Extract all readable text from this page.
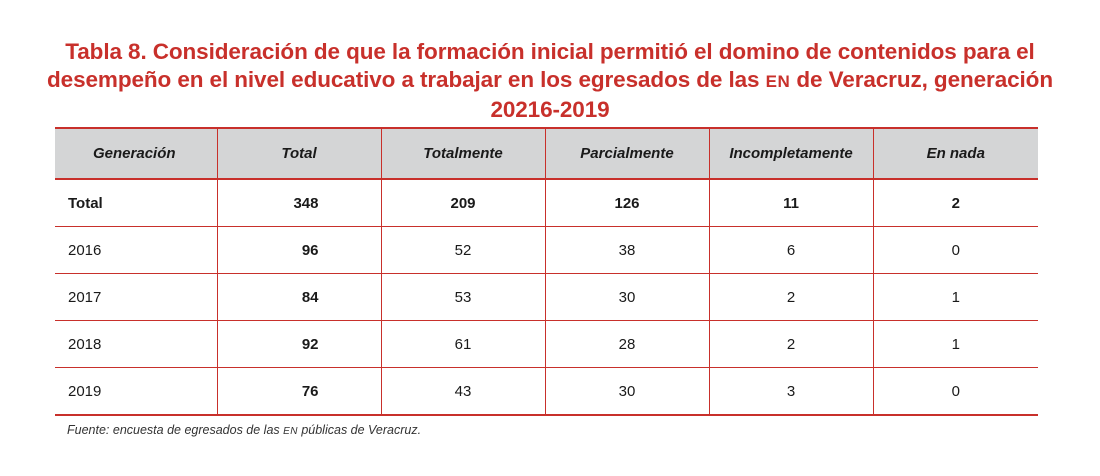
Tabla 8. Consideración de que la formación inicial permitió el domino de contenidos para el desempeño en el nivel educativo a trabajar en los egresados de las EN de Veracruz, generación 20216-2019
Generación	Total	Totalmente	Parcialmente	Incompletamente	En nada
Total	348	209	126	11	2
2016	96	52	38	6	0
2017	84	53	30	2	1
2018	92	61	28	2	1
2019	76	43	30	3	0
Fuente: encuesta de egresados de las EN públicas de Veracruz.
